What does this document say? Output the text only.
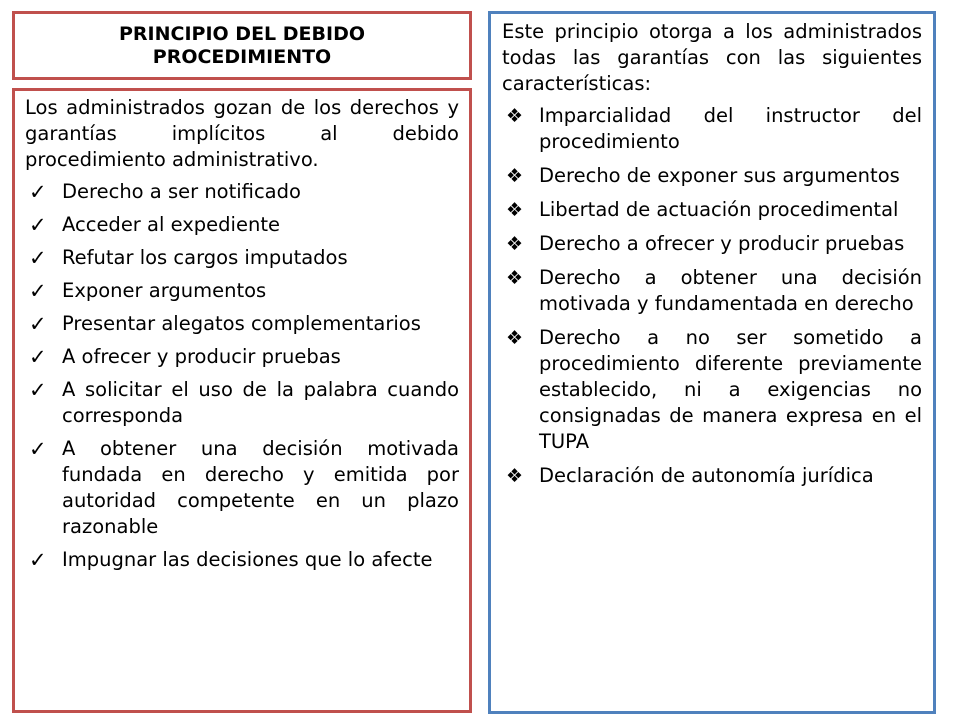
PRINCIPIO DEL DEBIDO
PROCEDIMIENTO

Los administrados gozan de los derechos y garantías implícitos al debido procedimiento administrativo.

✓ Derecho a ser notificado
✓ Acceder al expediente
✓ Refutar los cargos imputados
✓ Exponer argumentos
✓ Presentar alegatos complementarios
✓ A ofrecer y producir pruebas
✓ A solicitar el uso de la palabra cuando corresponda
✓ A obtener una decisión motivada fundada en derecho y emitida por autoridad competente en un plazo razonable
✓ Impugnar las decisiones que lo afecte

Este principio otorga a los administrados todas las garantías con las siguientes características:

❖ Imparcialidad del instructor del procedimiento
❖ Derecho de exponer sus argumentos
❖ Libertad de actuación procedimental
❖ Derecho a ofrecer y producir pruebas
❖ Derecho a obtener una decisión motivada y fundamentada en derecho
❖ Derecho a no ser sometido a procedimiento diferente previamente establecido, ni a exigencias no consignadas de manera expresa en el TUPA
❖ Declaración de autonomía jurídica
